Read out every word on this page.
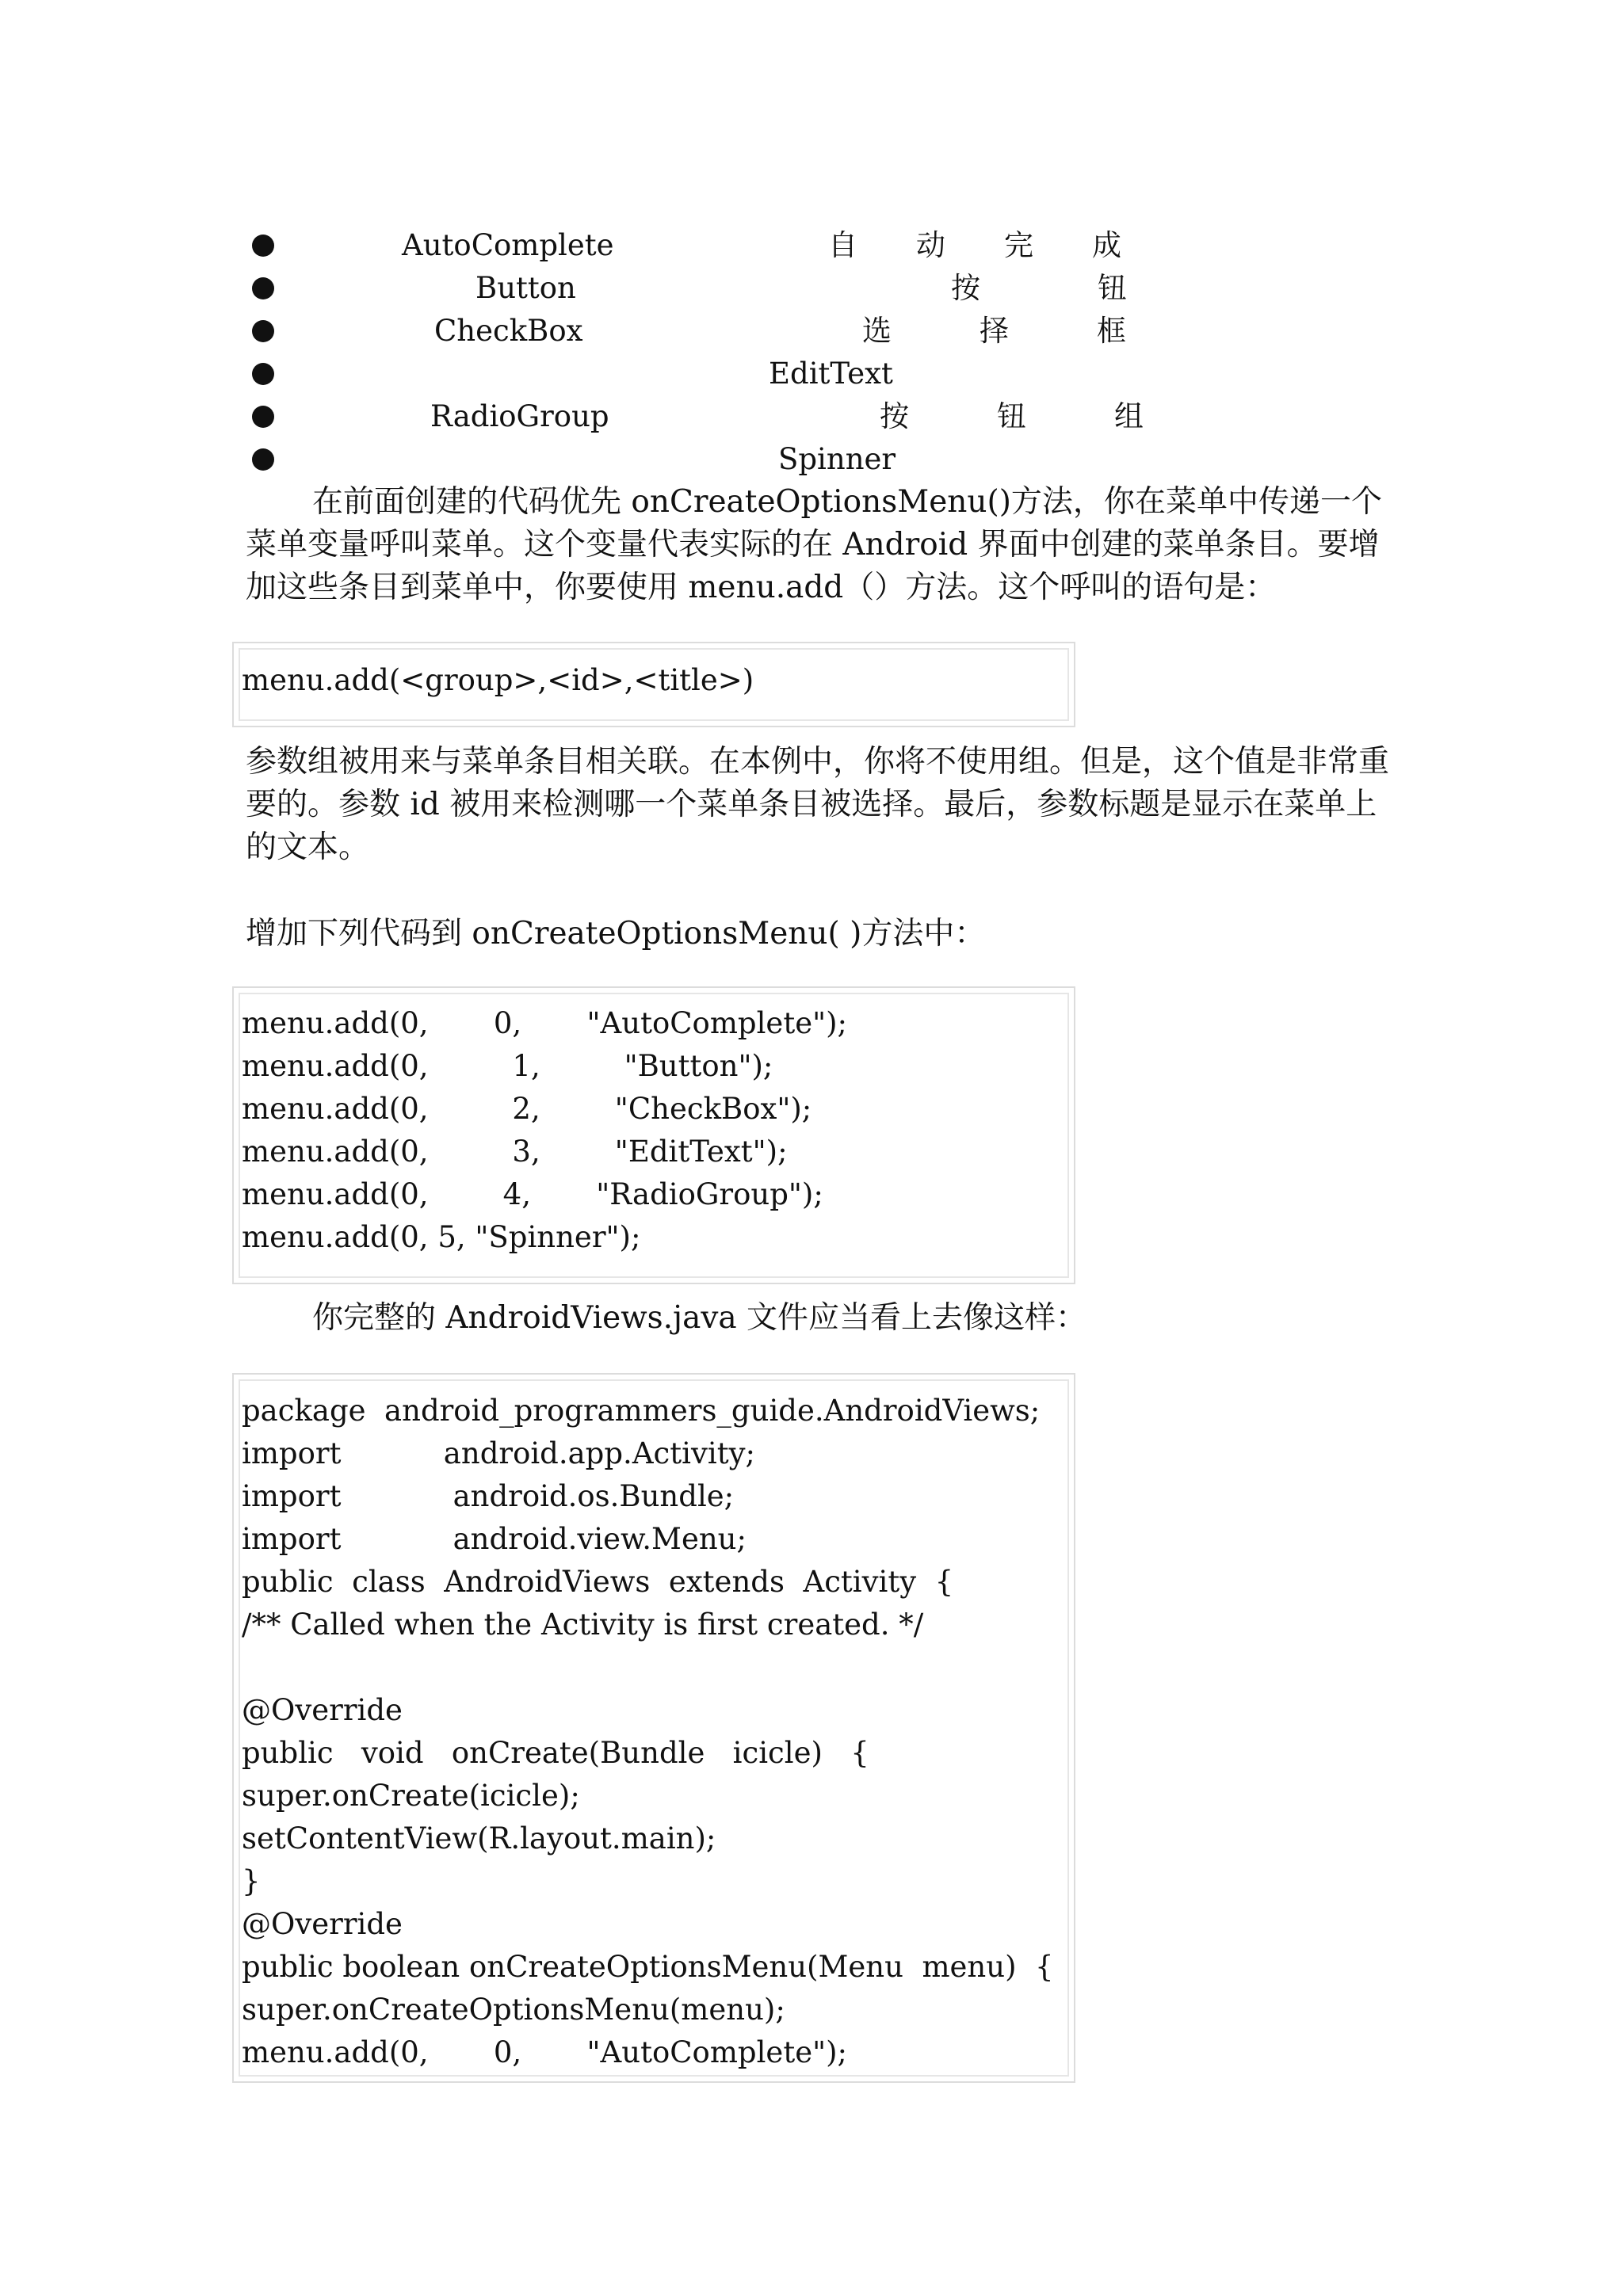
AutoComplete	自　　动　　完　　成
Button	按　　　　钮
CheckBox	选　　　择　　　框
EditText
RadioGroup	按　　　钮　　　组
Spinner
在前面创建的代码优先 onCreateOptionsMenu()方法，你在菜单中传递一个菜单变量呼叫菜单。这个变量代表实际的在 Android 界面中创建的菜单条目。要增加这些条目到菜单中，你要使用 menu.add（）方法。这个呼叫的语句是：
menu.add(<group>,<id>,<title>)
参数组被用来与菜单条目相关联。在本例中，你将不使用组。但是，这个值是非常重要的。参数 id 被用来检测哪一个菜单条目被选择。最后，参数标题是显示在菜单上的文本。
增加下列代码到 onCreateOptionsMenu( )方法中：
menu.add(0,       0,       "AutoComplete");
menu.add(0,         1,         "Button");
menu.add(0,         2,        "CheckBox");
menu.add(0,         3,        "EditText");
menu.add(0,        4,       "RadioGroup");
menu.add(0, 5, "Spinner");
你完整的 AndroidViews.java 文件应当看上去像这样：
package  android_programmers_guide.AndroidViews;
import           android.app.Activity;
import            android.os.Bundle;
import            android.view.Menu;
public  class  AndroidViews  extends  Activity  {
/** Called when the Activity is first created. */
@Override
public   void   onCreate(Bundle   icicle)   {
super.onCreate(icicle);
setContentView(R.layout.main);
}
@Override
public boolean onCreateOptionsMenu(Menu  menu)  {
super.onCreateOptionsMenu(menu);
menu.add(0,       0,       "AutoComplete");
